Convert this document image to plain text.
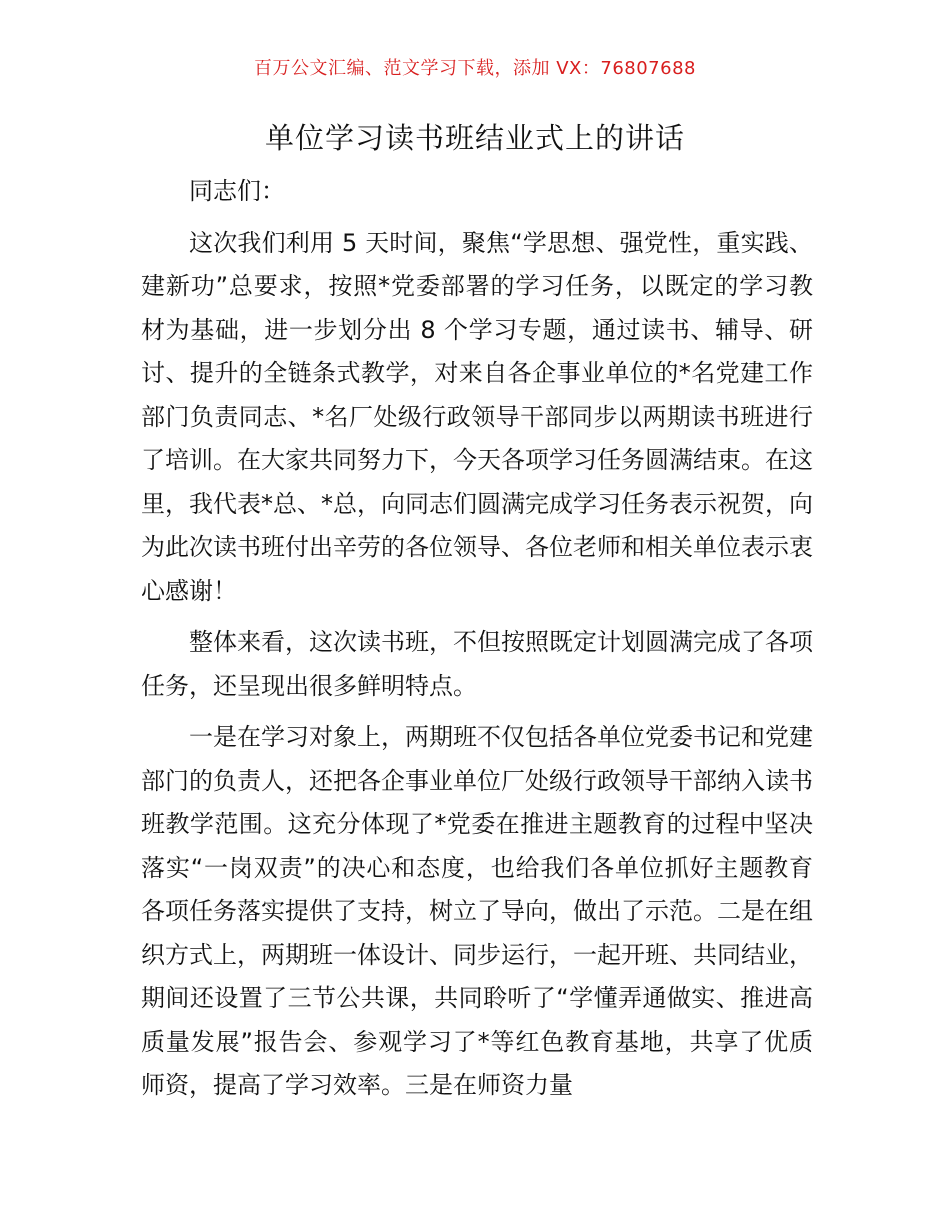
百万公文汇编、范文学习下载，添加 VX：76807688
单位学习读书班结业式上的讲话

同志们：

这次我们利用 5 天时间，聚焦“学思想、强党性，重实践、建新功”总要求，按照*党委部署的学习任务，以既定的学习教材为基础，进一步划分出 8 个学习专题，通过读书、辅导、研讨、提升的全链条式教学，对来自各企事业单位的*名党建工作部门负责同志、*名厂处级行政领导干部同步以两期读书班进行了培训。在大家共同努力下，今天各项学习任务圆满结束。在这里，我代表*总、*总，向同志们圆满完成学习任务表示祝贺，向为此次读书班付出辛劳的各位领导、各位老师和相关单位表示衷心感谢！

整体来看，这次读书班，不但按照既定计划圆满完成了各项任务，还呈现出很多鲜明特点。

一是在学习对象上，两期班不仅包括各单位党委书记和党建部门的负责人，还把各企事业单位厂处级行政领导干部纳入读书班教学范围。这充分体现了*党委在推进主题教育的过程中坚决落实“一岗双责”的决心和态度，也给我们各单位抓好主题教育各项任务落实提供了支持，树立了导向，做出了示范。二是在组织方式上，两期班一体设计、同步运行，一起开班、共同结业，期间还设置了三节公共课，共同聆听了“学懂弄通做实、推进高质量发展”报告会、参观学习了*等红色教育基地，共享了优质师资，提高了学习效率。三是在师资力量
